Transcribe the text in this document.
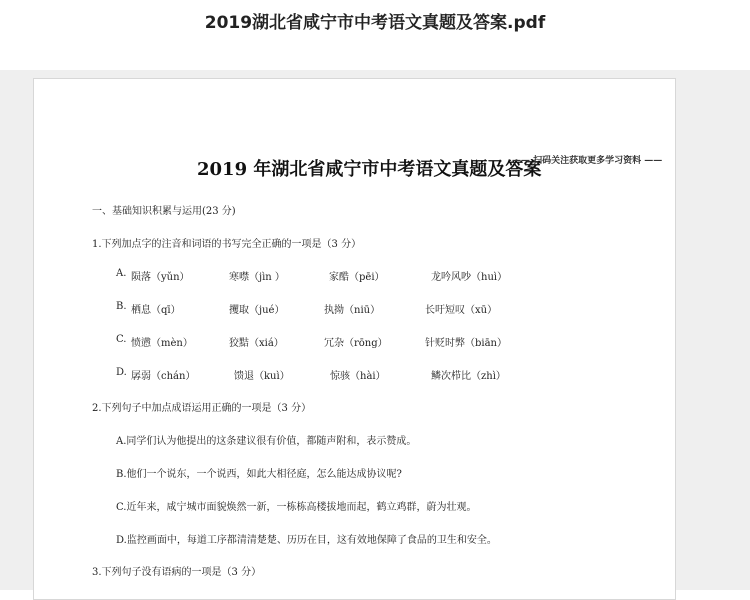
2019湖北省咸宁市中考语文真题及答案.pdf
2019 年湖北省咸宁市中考语文真题及答案
—— 扫码关注获取更多学习资料 ——
一、基础知识积累与运用(23 分)
1.下列加点字的注音和词语的书写完全正确的一项是（3 分）
A. 陨落（yǔn）	寒噤（jìn ）	家酷（pēi）	龙吟风吵（huì）
B. 栖息（qī）	攫取（jué）	执拗（niū）	长吁短叹（xū）
C. 愤懑（mèn）	狡黠（xiá）	冗杂（rōng）	针贬时弊（biān）
D. 孱弱（chán）	馈退（kuì）	惊骇（hài）	鳞次栉比（zhì）
2.下列句子中加点成语运用正确的一项是（3 分）
A.同学们认为他提出的这条建议很有价值，都随声附和，表示赞成。
B.他们一个说东，一个说西，如此大相径庭，怎么能达成协议呢?
C.近年来，咸宁城市面貌焕然一新，一栋栋高楼拔地而起，鹤立鸡群，蔚为壮观。
D.监控画面中，每道工序都清清楚楚、历历在目，这有效地保障了食品的卫生和安全。
3.下列句子没有语病的一项是（3 分）
